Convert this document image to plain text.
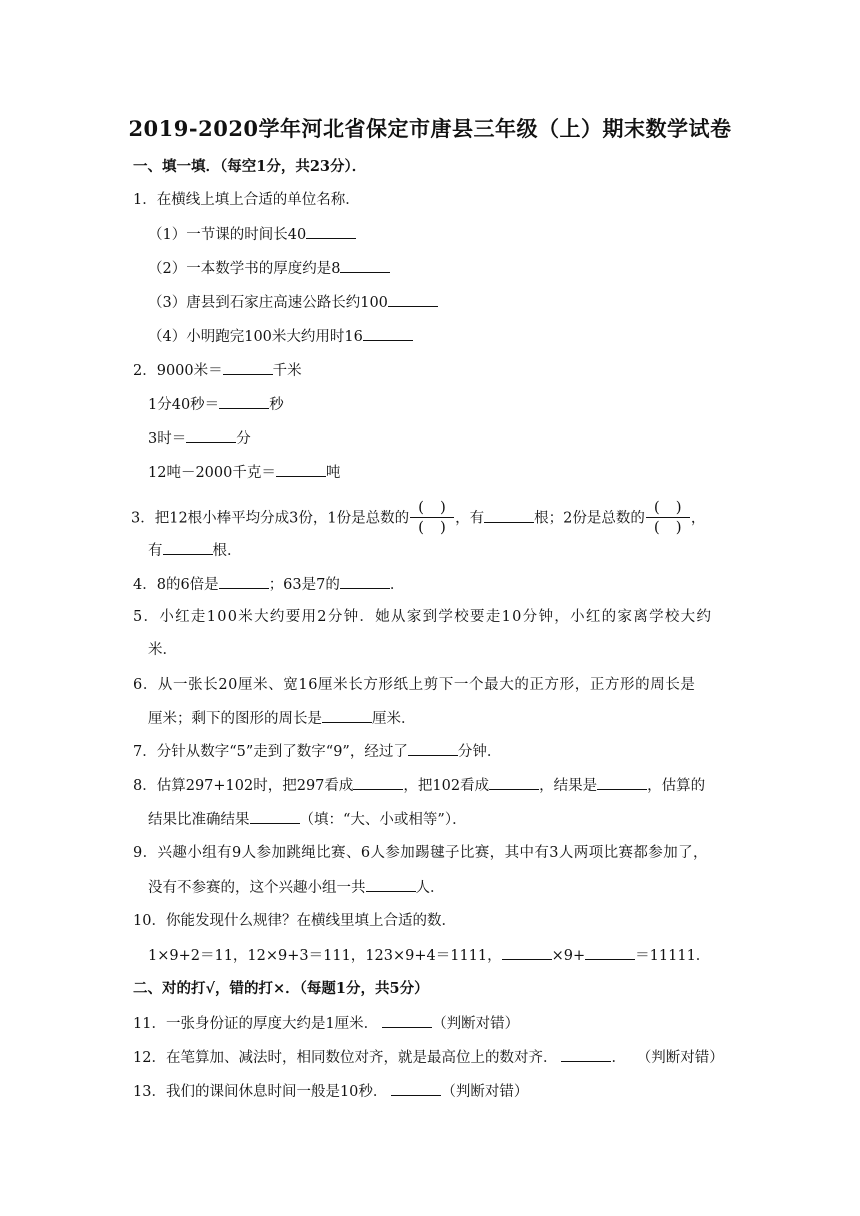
2019-2020学年河北省保定市唐县三年级（上）期末数学试卷
一、填一填．（每空1分，共23分）．
1．在横线上填上合适的单位名称．
（1）一节课的时间长40
（2）一本数学书的厚度约是8
（3）唐县到石家庄高速公路长约100
（4）小明跑完100米大约用时16
2．9000米＝	千米
1分40秒＝	秒
3时＝	分
12吨－2000千克＝	吨
3．把12根小棒平均分成3份，1份是总数的 $\frac{()}{()}$ ，有	根；2份是总数的 $\frac{()}{()}$ ，
有	根．
4．8的6倍是	；63是7的	．
5．小红走100米大约要用2分钟．她从家到学校要走10分钟，小红的家离学校大约
米．
6．从一张长20厘米、宽16厘米长方形纸上剪下一个最大的正方形，正方形的周长是
厘米；剩下的图形的周长是	厘米．
7．分针从数字“5”走到了数字“9”，经过了	分钟．
8．估算297+102时，把297看成	，把102看成	，结果是	，估算的
结果比准确结果	（填：“大、小或相等”）．
9．兴趣小组有9人参加跳绳比赛、6人参加踢毽子比赛，其中有3人两项比赛都参加了，
没有不参赛的，这个兴趣小组一共	人．
10．你能发现什么规律？在横线里填上合适的数．
1×9+2＝11，12×9+3＝111，123×9+4＝1111，	×9+	＝11111．
二、对的打√，错的打×．（每题1分，共5分）
11．一张身份证的厚度大约是1厘米．	（判断对错）
12．在笔算加、减法时，相同数位对齐，就是最高位上的数对齐．	． （判断对错）
13．我们的课间休息时间一般是10秒．	（判断对错）
